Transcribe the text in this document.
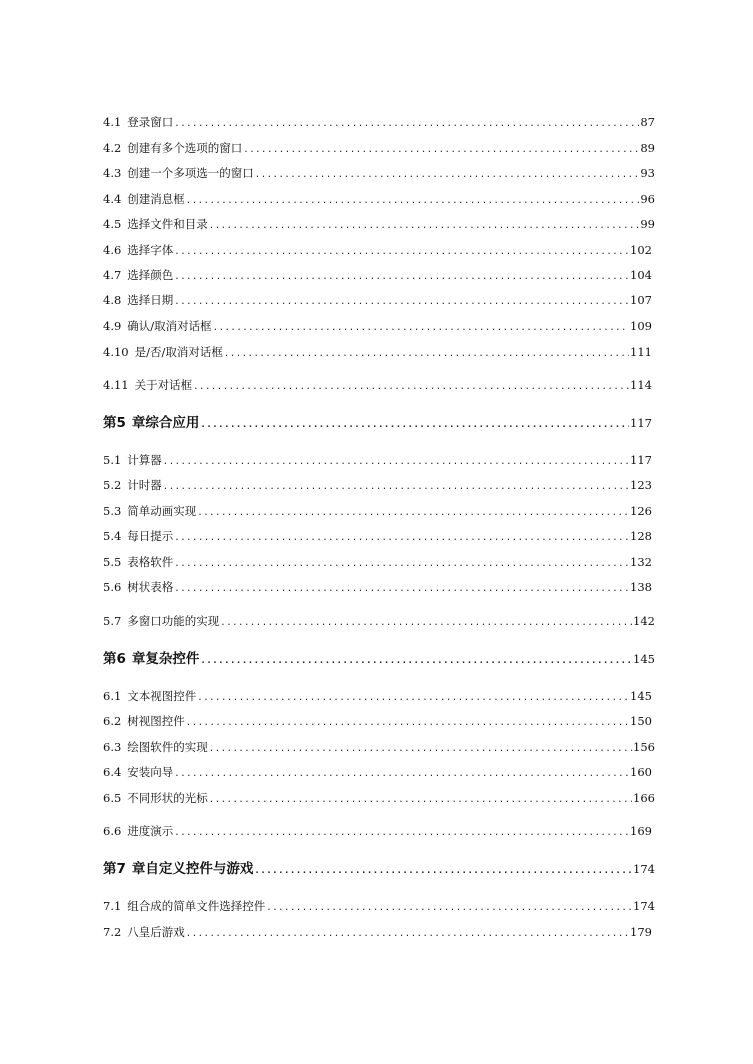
4.1 登录窗口 .....	87
4.2 创建有多个选项的窗口 .....	89
4.3 创建一个多项选一的窗口 .....	93
4.4 创建消息框 .....	96
4.5 选择文件和目录 .....	99
4.6 选择字体 .....	102
4.7 选择颜色 .....	104
4.8 选择日期 .....	107
4.9 确认/取消对话框 .....	109
4.10 是/否/取消对话框 .....	111
4.11 关于对话框 .....	114
第5 章综合应用 .....	117
5.1 计算器 .....	117
5.2 计时器 .....	123
5.3 简单动画实现 .....	126
5.4 每日提示 .....	128
5.5 表格软件 .....	132
5.6 树状表格 .....	138
5.7 多窗口功能的实现 .....	142
第6 章复杂控件 .....	145
6.1 文本视图控件 .....	145
6.2 树视图控件 .....	150
6.3 绘图软件的实现 .....	156
6.4 安装向导 .....	160
6.5 不同形状的光标 .....	166
6.6 进度演示 .....	169
第7 章自定义控件与游戏 .....	174
7.1 组合成的简单文件选择控件 .....	174
7.2 八皇后游戏 .....	179
